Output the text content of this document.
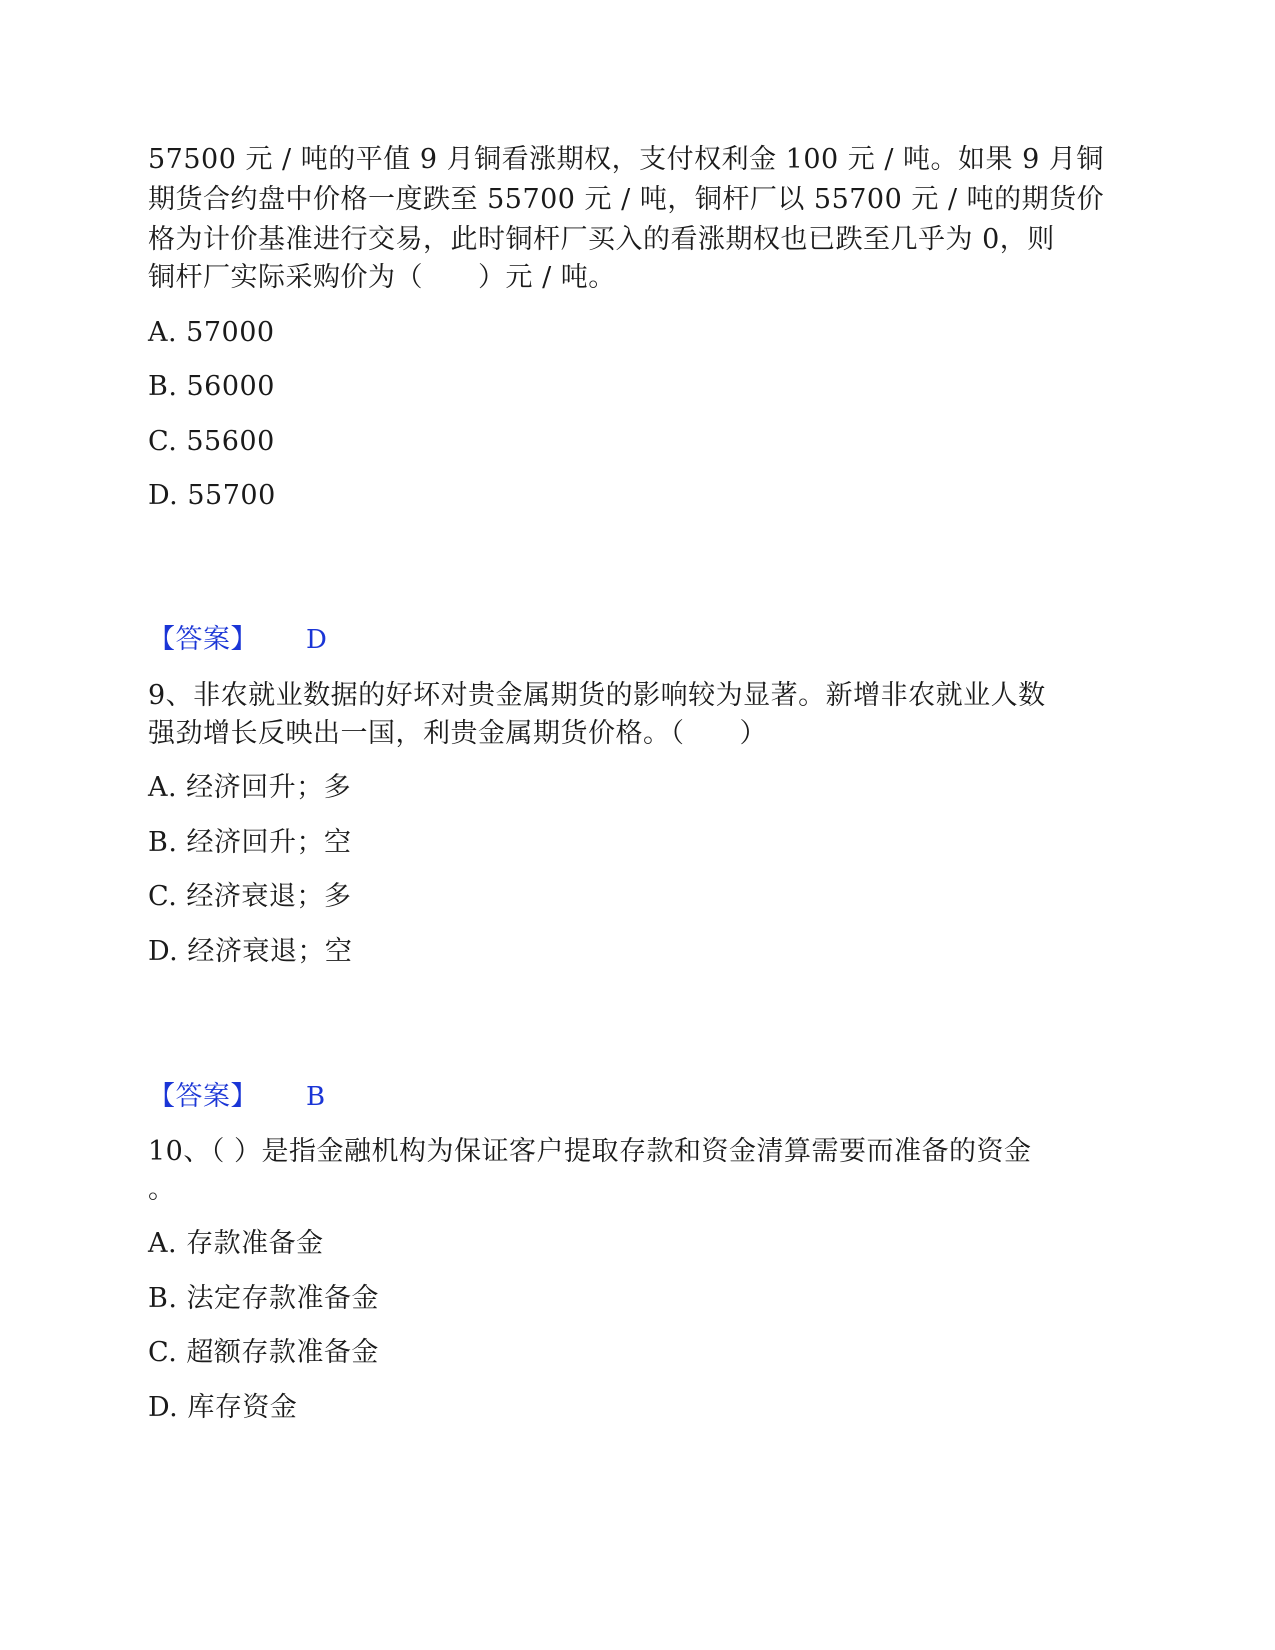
57500 元 / 吨的平值 9 月铜看涨期权，支付权利金 100 元 / 吨。如果 9 月铜
期货合约盘中价格一度跌至 55700 元 / 吨，铜杆厂以 55700 元 / 吨的期货价
格为计价基准进行交易，此时铜杆厂买入的看涨期权也已跌至几乎为 0，则
铜杆厂实际采购价为（　　）元 / 吨。
A. 57000
B. 56000
C. 55600
D. 55700
【答案】 D
9、非农就业数据的好坏对贵金属期货的影响较为显著。新增非农就业人数
强劲增长反映出一国，利贵金属期货价格。（　　）
A. 经济回升；多
B. 经济回升；空
C. 经济衰退；多
D. 经济衰退；空
【答案】 B
10、（ ）是指金融机构为保证客户提取存款和资金清算需要而准备的资金
。
A. 存款准备金
B. 法定存款准备金
C. 超额存款准备金
D. 库存资金
